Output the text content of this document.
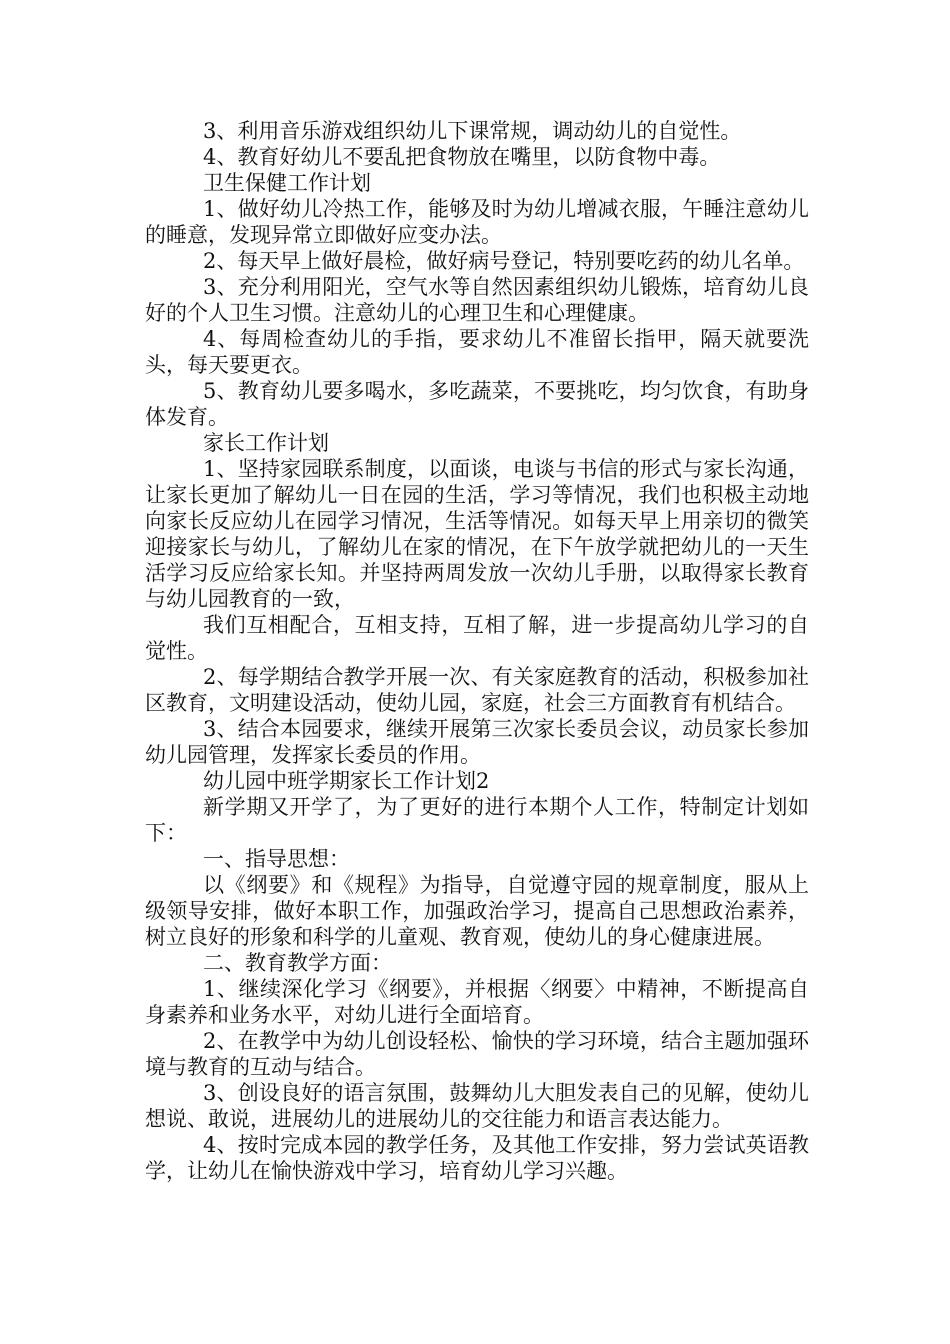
3、利用音乐游戏组织幼儿下课常规，调动幼儿的自觉性。

4、教育好幼儿不要乱把食物放在嘴里，以防食物中毒。

卫生保健工作计划

1、做好幼儿冷热工作，能够及时为幼儿增减衣服，午睡注意幼儿的睡意，发现异常立即做好应变办法。

2、每天早上做好晨检，做好病号登记，特别要吃药的幼儿名单。

3、充分利用阳光，空气水等自然因素组织幼儿锻炼，培育幼儿良好的个人卫生习惯。注意幼儿的心理卫生和心理健康。

4、每周检查幼儿的手指，要求幼儿不准留长指甲，隔天就要洗头，每天要更衣。

5、教育幼儿要多喝水，多吃蔬菜，不要挑吃，均匀饮食，有助身体发育。

家长工作计划

1、坚持家园联系制度，以面谈，电谈与书信的形式与家长沟通，让家长更加了解幼儿一日在园的生活，学习等情况，我们也积极主动地向家长反应幼儿在园学习情况，生活等情况。如每天早上用亲切的微笑迎接家长与幼儿，了解幼儿在家的情况，在下午放学就把幼儿的一天生活学习反应给家长知。并坚持两周发放一次幼儿手册，以取得家长教育与幼儿园教育的一致，

我们互相配合，互相支持，互相了解，进一步提高幼儿学习的自觉性。

2、每学期结合教学开展一次、有关家庭教育的活动，积极参加社区教育，文明建设活动，使幼儿园，家庭，社会三方面教育有机结合。

3、结合本园要求，继续开展第三次家长委员会议，动员家长参加幼儿园管理，发挥家长委员的作用。

幼儿园中班学期家长工作计划2

新学期又开学了，为了更好的进行本期个人工作，特制定计划如下：

一、指导思想：

以《纲要》和《规程》为指导，自觉遵守园的规章制度，服从上级领导安排，做好本职工作，加强政治学习，提高自己思想政治素养，树立良好的形象和科学的儿童观、教育观，使幼儿的身心健康进展。

二、教育教学方面：

1、继续深化学习《纲要》，并根据〈纲要〉中精神，不断提高自身素养和业务水平，对幼儿进行全面培育。

2、在教学中为幼儿创设轻松、愉快的学习环境，结合主题加强环境与教育的互动与结合。

3、创设良好的语言氛围，鼓舞幼儿大胆发表自己的见解，使幼儿想说、敢说，进展幼儿的进展幼儿的交往能力和语言表达能力。

4、按时完成本园的教学任务，及其他工作安排，努力尝试英语教学，让幼儿在愉快游戏中学习，培育幼儿学习兴趣。
